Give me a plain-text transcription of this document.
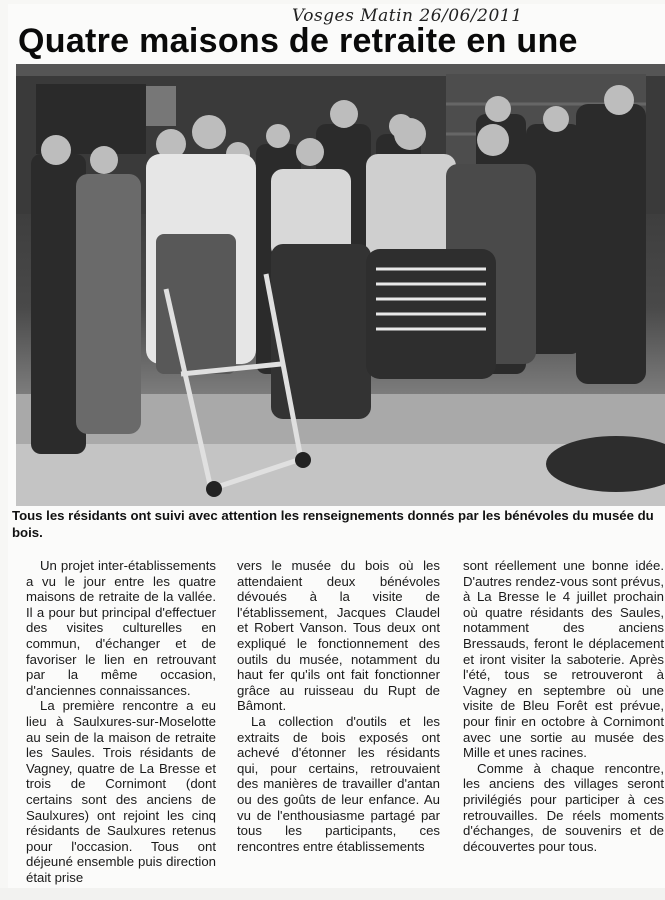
Vosges Matin 26/06/2011
Quatre maisons de retraite en une
Tous les résidants ont suivi avec attention les renseignements donnés par les bénévoles du musée du bois.

Un projet inter-établissements a vu le jour entre les quatre maisons de retraite de la vallée. Il a pour but principal d'effectuer des visites culturelles en commun, d'échanger et de favoriser le lien en retrouvant par la même occasion, d'anciennes connaissances.

La première rencontre a eu lieu à Saulxures-sur-Moselotte au sein de la maison de retraite les Saules. Trois résidants de Vagney, quatre de La Bresse et trois de Cornimont (dont certains sont des anciens de Saulxures) ont rejoint les cinq résidants de Saulxures retenus pour l'occasion. Tous ont déjeuné ensemble puis direction était prise

vers le musée du bois où les attendaient deux bénévoles dévoués à la visite de l'établissement, Jacques Claudel et Robert Vanson. Tous deux ont expliqué le fonctionnement des outils du musée, notamment du haut fer qu'ils ont fait fonctionner grâce au ruisseau du Rupt de Bâmont.

La collection d'outils et les extraits de bois exposés ont achevé d'étonner les résidants qui, pour certains, retrouvaient des manières de travailler d'antan ou des goûts de leur enfance. Au vu de l'enthousiasme partagé par tous les participants, ces rencontres entre établissements

sont réellement une bonne idée. D'autres rendez-vous sont prévus, à La Bresse le 4 juillet prochain où quatre résidants des Saules, notamment des anciens Bressauds, feront le déplacement et iront visiter la saboterie. Après l'été, tous se retrouveront à Vagney en septembre où une visite de Bleu Forêt est prévue, pour finir en octobre à Cornimont avec une sortie au musée des Mille et unes racines.

Comme à chaque rencontre, les anciens des villages seront privilégiés pour participer à ces retrouvailles. De réels moments d'échanges, de souvenirs et de découvertes pour tous.
